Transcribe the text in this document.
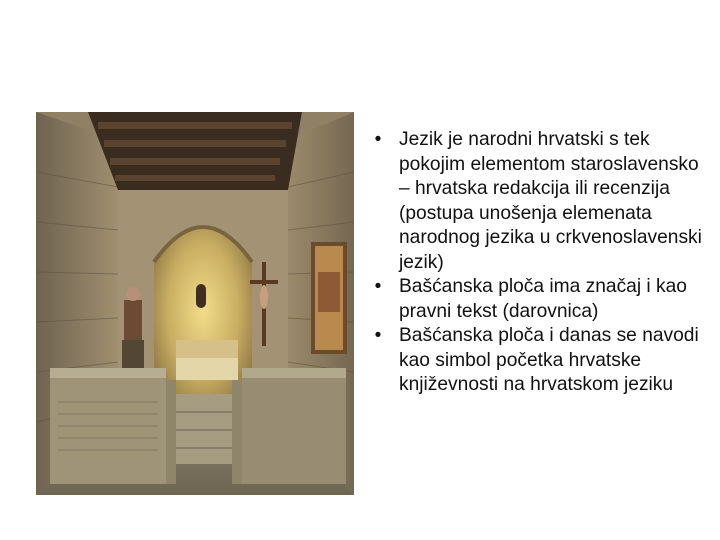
• Jezik je narodni hrvatski s tek pokojim elementom staroslavensko – hrvatska redakcija ili recenzija (postupa unošenja elemenata narodnog jezika u crkvenoslavenski jezik)
• Bašćanska ploča ima značaj i kao pravni tekst (darovnica)
• Bašćanska ploča i danas se navodi kao simbol početka hrvatske književnosti na hrvatskom jeziku
